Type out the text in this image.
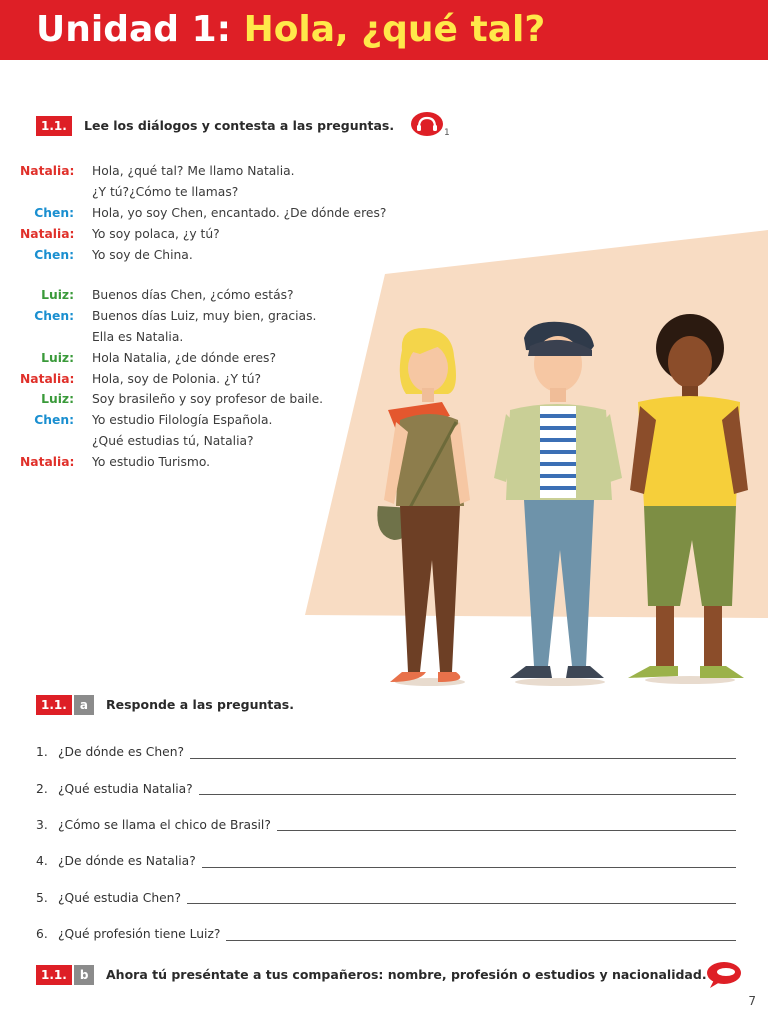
Unidad 1: Hola, ¿qué tal?
1.1.	Lee los diálogos y contesta a las preguntas.	1
Natalia:	Hola, ¿qué tal? Me llamo Natalia.
¿Y tú?¿Cómo te llamas?
Chen:	Hola, yo soy Chen, encantado. ¿De dónde eres?
Natalia:	Yo soy polaca, ¿y tú?
Chen:	Yo soy de China.
Luiz:	Buenos días Chen, ¿cómo estás?
Chen:	Buenos días Luiz, muy bien, gracias.
Ella es Natalia.
Luiz:	Hola Natalia, ¿de dónde eres?
Natalia:	Hola, soy de Polonia. ¿Y tú?
Luiz:	Soy brasileño y soy profesor de baile.
Chen:	Yo estudio Filología Española.
¿Qué estudias tú, Natalia?
Natalia:	Yo estudio Turismo.
1.1.	a	Responde a las preguntas.
1. ¿De dónde es Chen?
2. ¿Qué estudia Natalia?
3. ¿Cómo se llama el chico de Brasil?
4. ¿De dónde es Natalia?
5. ¿Qué estudia Chen?
6. ¿Qué profesión tiene Luiz?
1.1.	b	Ahora tú preséntate a tus compañeros: nombre, profesión o estudios y nacionalidad.
7
